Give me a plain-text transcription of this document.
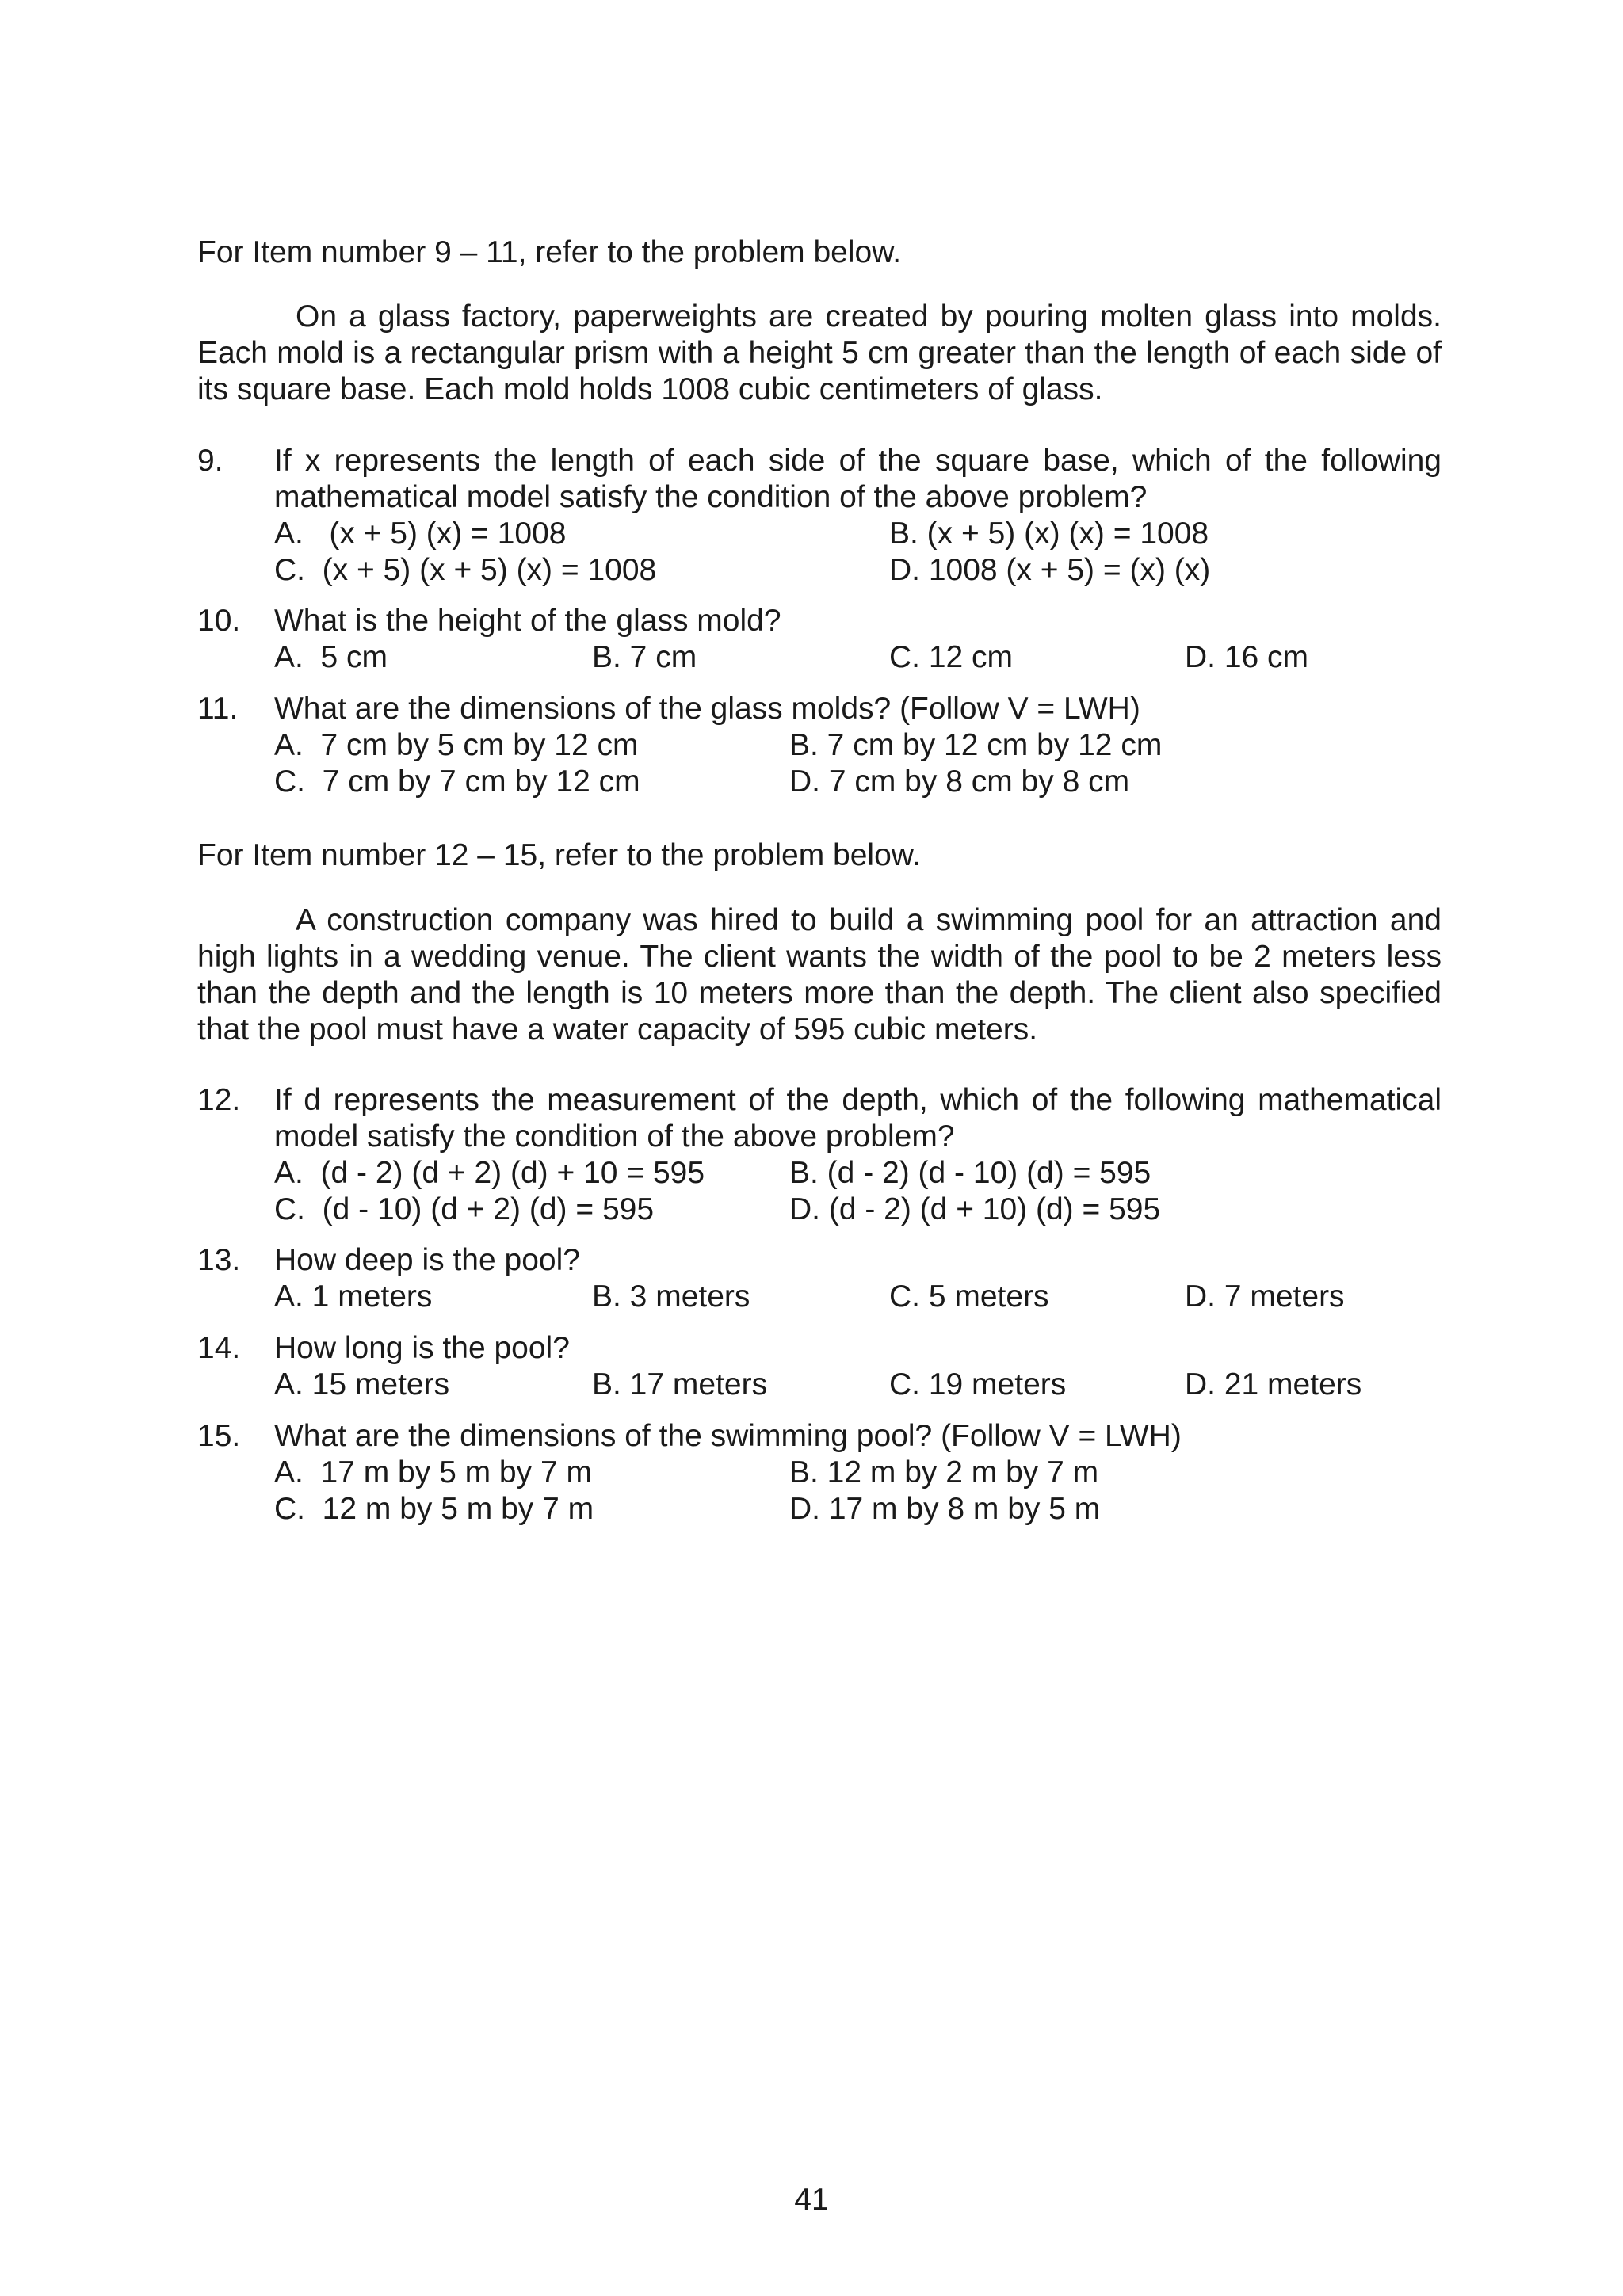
For Item number 9 – 11, refer to the problem below.

On a glass factory, paperweights are created by pouring molten glass into molds. Each mold is a rectangular prism with a height 5 cm greater than the length of each side of its square base. Each mold holds 1008 cubic centimeters of glass.

9. If x represents the length of each side of the square base, which of the following mathematical model satisfy the condition of the above problem?
A.   (x + 5) (x) = 1008	B. (x + 5) (x) (x) = 1008
C.  (x + 5) (x + 5) (x) = 1008	D. 1008 (x + 5) = (x) (x)
10. What is the height of the glass mold?
A.  5 cm	B. 7 cm	C. 12 cm	D. 16 cm
11. What are the dimensions of the glass molds? (Follow V = LWH)
A.  7 cm by 5 cm by 12 cm	B. 7 cm by 12 cm by 12 cm
C.  7 cm by 7 cm by 12 cm	D. 7 cm by 8 cm by 8 cm

For Item number 12 – 15, refer to the problem below.

A construction company was hired to build a swimming pool for an attraction and high lights in a wedding venue. The client wants the width of the pool to be 2 meters less than the depth and the length is 10 meters more than the depth. The client also specified that the pool must have a water capacity of 595 cubic meters.

12. If d represents the measurement of the depth, which of the following mathematical model satisfy the condition of the above problem?
A.  (d - 2) (d + 2) (d) + 10 = 595	B. (d - 2) (d - 10) (d) = 595
C.  (d - 10) (d + 2) (d) = 595	D. (d - 2) (d + 10) (d) = 595
13. How deep is the pool?
A. 1 meters	B. 3 meters	C. 5 meters	D. 7 meters
14. How long is the pool?
A. 15 meters	B. 17 meters	C. 19 meters	D. 21 meters
15. What are the dimensions of the swimming pool? (Follow V = LWH)
A.  17 m by 5 m by 7 m	B. 12 m by 2 m by 7 m
C.  12 m by 5 m by 7 m	D. 17 m by 8 m by 5 m
41
